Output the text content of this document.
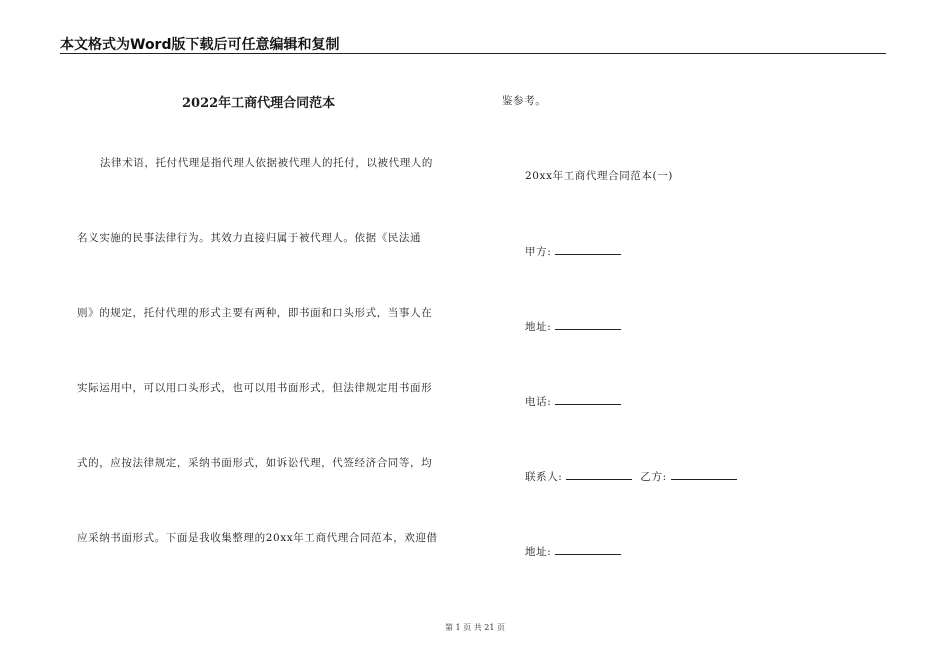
本文格式为Word版下载后可任意编辑和复制
2022年工商代理合同范本
法律术语，托付代理是指代理人依据被代理人的托付，以被代理人的
名义实施的民事法律行为。其效力直接归属于被代理人。依据《民法通
则》的规定，托付代理的形式主要有两种，即书面和口头形式，当事人在
实际运用中，可以用口头形式，也可以用书面形式，但法律规定用书面形
式的，应按法律规定，采纳书面形式，如诉讼代理，代签经济合同等，均
应采纳书面形式。下面是我收集整理的20xx年工商代理合同范本，欢迎借
鉴参考。
20xx年工商代理合同范本(一)
甲方:
地址:
电话:
联系人:	乙方:
地址:
第 1 页 共 21 页
